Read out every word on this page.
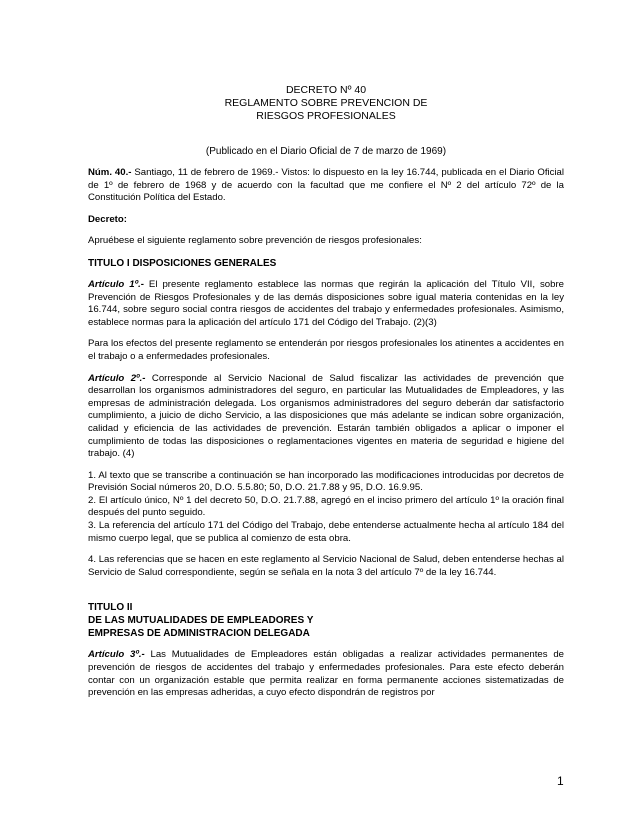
DECRETO Nº 40
REGLAMENTO SOBRE PREVENCION DE
RIESGOS PROFESIONALES
(Publicado en el Diario Oficial de 7 de marzo de 1969)

Núm. 40.- Santiago, 11 de febrero de 1969.- Vistos: lo dispuesto en la ley 16.744, publicada en el Diario Oficial de 1º de febrero de 1968 y de acuerdo con la facultad que me confiere el Nº 2 del artículo 72º de la Constitución Política del Estado.

Decreto:

Apruébese el siguiente reglamento sobre prevención de riesgos profesionales:

TITULO I DISPOSICIONES GENERALES

Artículo 1º.- El presente reglamento establece las normas que regirán la aplicación del Título VII, sobre Prevención de Riesgos Profesionales y de las demás disposiciones sobre igual materia contenidas en la ley 16.744, sobre seguro social contra riesgos de accidentes del trabajo y enfermedades profesionales. Asimismo, establece normas para la aplicación del artículo 171 del Código del Trabajo. (2)(3)

Para los efectos del presente reglamento se entenderán por riesgos profesionales los atinentes a accidentes en el trabajo o a enfermedades profesionales.

Artículo 2º.- Corresponde al Servicio Nacional de Salud fiscalizar las actividades de prevención que desarrollan los organismos administradores del seguro, en particular las Mutualidades de Empleadores, y las empresas de administración delegada. Los organismos administradores del seguro deberán dar satisfactorio cumplimiento, a juicio de dicho Servicio, a las disposiciones que más adelante se indican sobre organización, calidad y eficiencia de las actividades de prevención. Estarán también obligados a aplicar o imponer el cumplimiento de todas las disposiciones o reglamentaciones vigentes en materia de seguridad e higiene del trabajo. (4)

1. Al texto que se transcribe a continuación se han incorporado las modificaciones introducidas por decretos de Previsión Social números 20, D.O. 5.5.80; 50, D.O. 21.7.88 y 95, D.O. 16.9.95.

2. El artículo único, Nº 1 del decreto 50, D.O. 21.7.88, agregó en el inciso primero del artículo 1º la oración final después del punto seguido.

3. La referencia del artículo 171 del Código del Trabajo, debe entenderse actualmente hecha al artículo 184 del mismo cuerpo legal, que se publica al comienzo de esta obra.

4. Las referencias que se hacen en este reglamento al Servicio Nacional de Salud, deben entenderse hechas al Servicio de Salud correspondiente, según se señala en la nota 3 del artículo 7º de la ley 16.744.

TITULO II
DE LAS MUTUALIDADES DE EMPLEADORES Y
EMPRESAS DE ADMINISTRACION DELEGADA

Artículo 3º.- Las Mutualidades de Empleadores están obligadas a realizar actividades permanentes de prevención de riesgos de accidentes del trabajo y enfermedades profesionales. Para este efecto deberán contar con un organización estable que permita realizar en forma permanente acciones sistematizadas de prevención en las empresas adheridas, a cuyo efecto dispondrán de registros por

1
